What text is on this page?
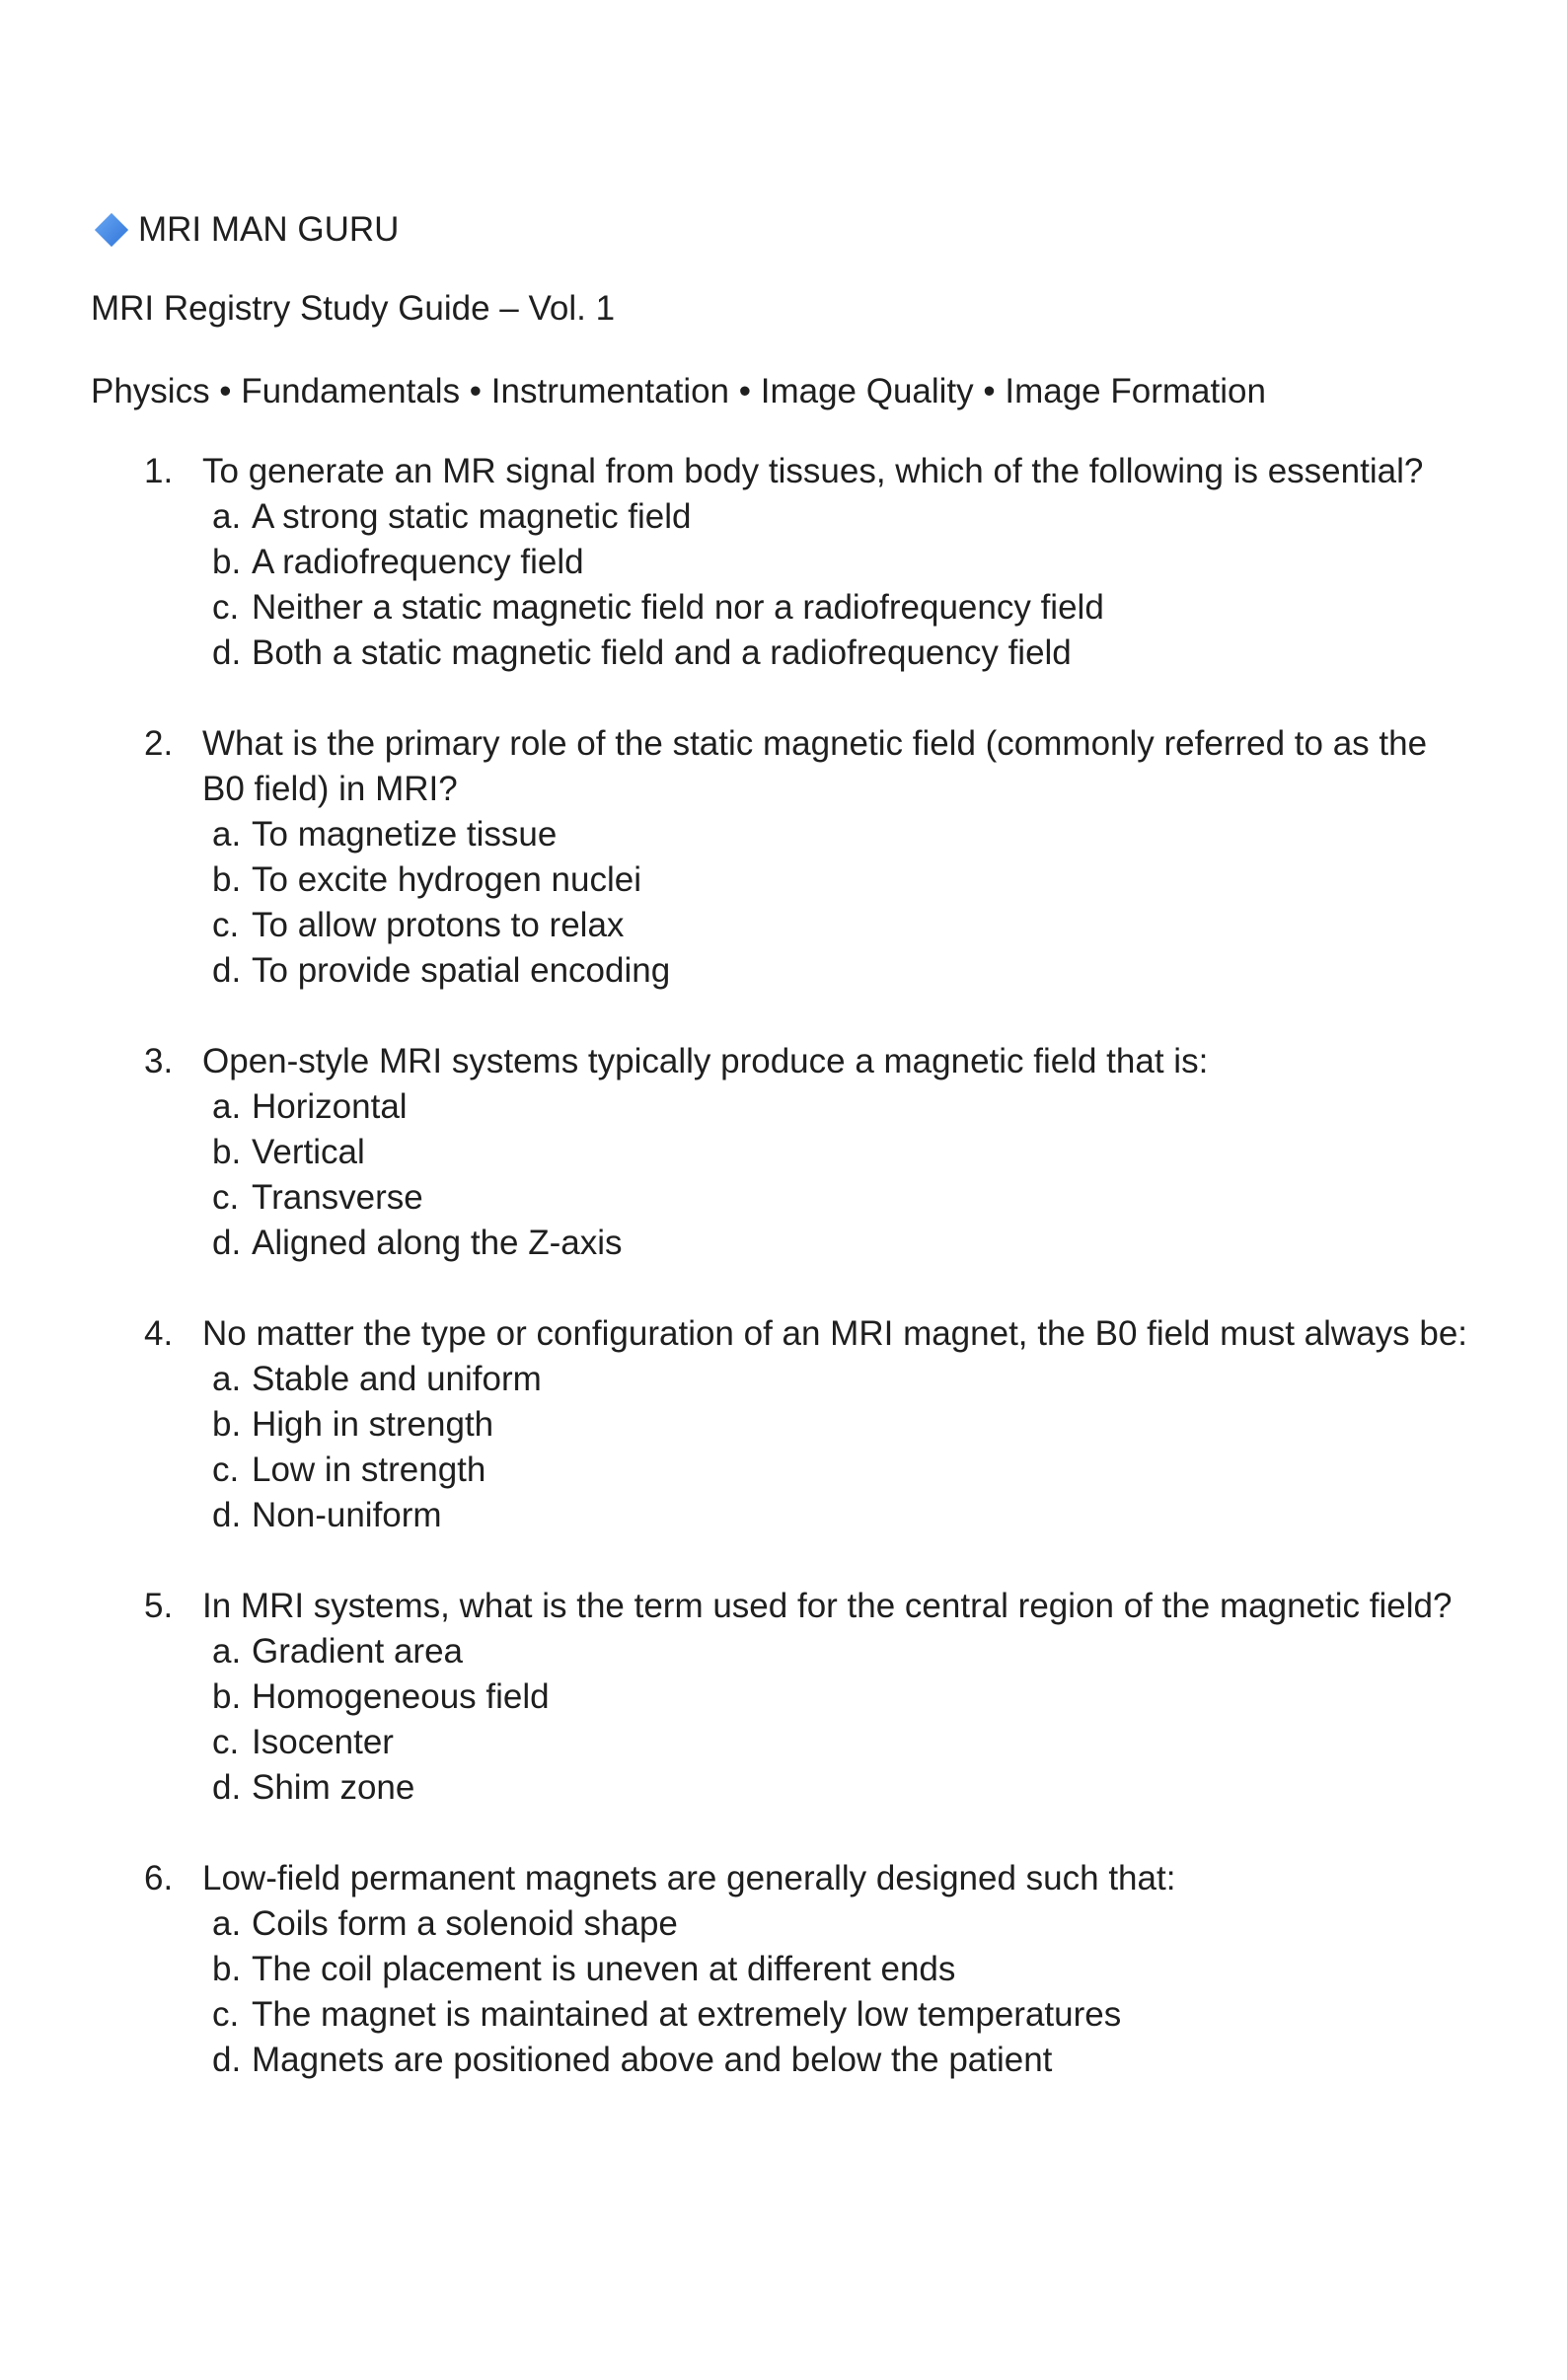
MRI MAN GURU
MRI Registry Study Guide – Vol. 1
Physics • Fundamentals • Instrumentation • Image Quality • Image Formation
1. To generate an MR signal from body tissues, which of the following is essential?
a. A strong static magnetic field
b. A radiofrequency field
c. Neither a static magnetic field nor a radiofrequency field
d. Both a static magnetic field and a radiofrequency field
2. What is the primary role of the static magnetic field (commonly referred to as the B0 field) in MRI?
a. To magnetize tissue
b. To excite hydrogen nuclei
c. To allow protons to relax
d. To provide spatial encoding
3. Open-style MRI systems typically produce a magnetic field that is:
a. Horizontal
b. Vertical
c. Transverse
d. Aligned along the Z-axis
4. No matter the type or configuration of an MRI magnet, the B0 field must always be:
a. Stable and uniform
b. High in strength
c. Low in strength
d. Non-uniform
5. In MRI systems, what is the term used for the central region of the magnetic field?
a. Gradient area
b. Homogeneous field
c. Isocenter
d. Shim zone
6. Low-field permanent magnets are generally designed such that:
a. Coils form a solenoid shape
b. The coil placement is uneven at different ends
c. The magnet is maintained at extremely low temperatures
d. Magnets are positioned above and below the patient
